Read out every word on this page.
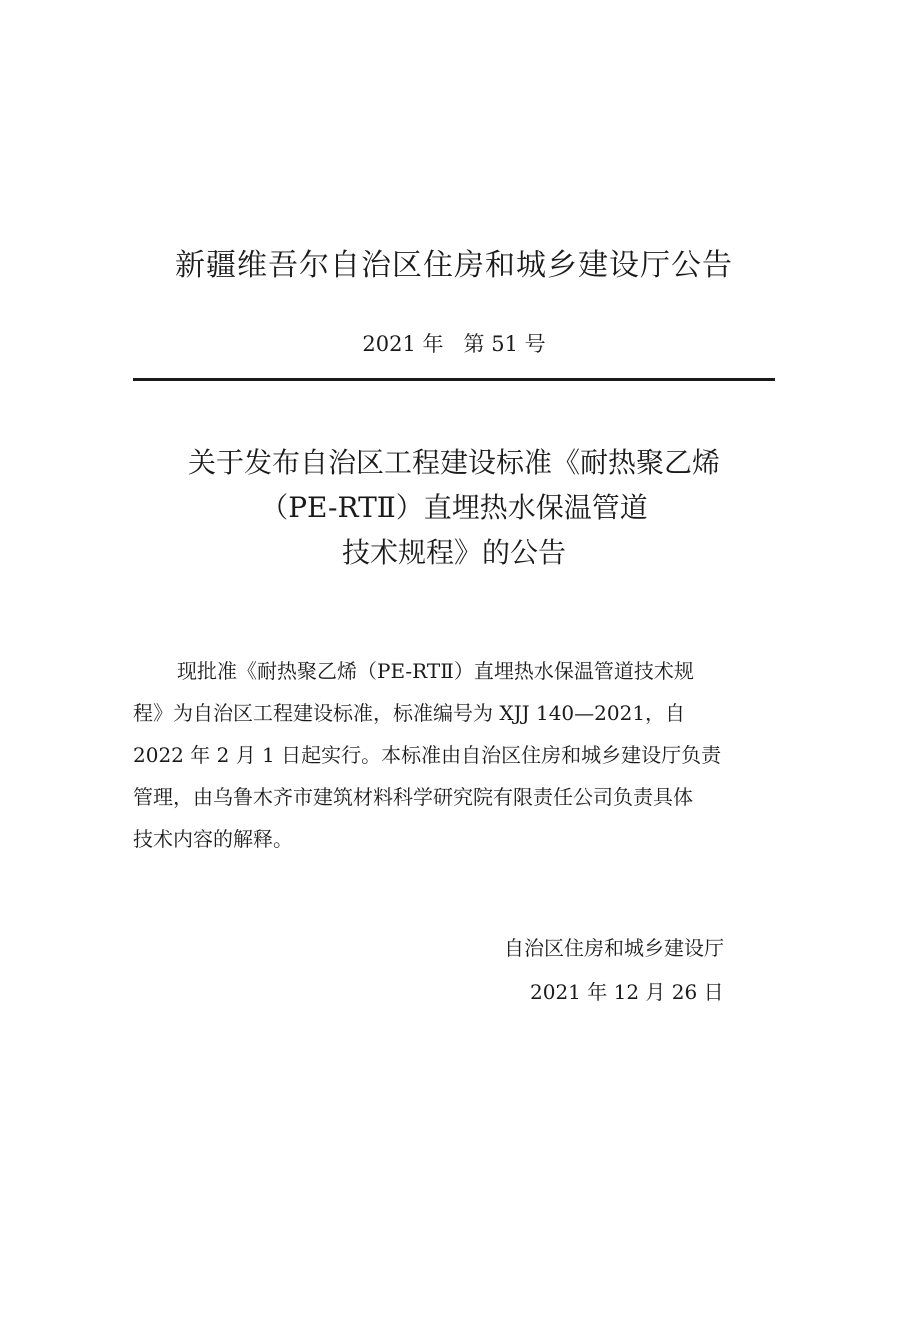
新疆维吾尔自治区住房和城乡建设厅公告
2021 年   第 51 号
关于发布自治区工程建设标准《耐热聚乙烯
（PE-RTⅡ）直埋热水保温管道
技术规程》的公告
现批准《耐热聚乙烯（PE-RTⅡ）直埋热水保温管道技术规
程》为自治区工程建设标准，标准编号为 XJJ 140—2021，自
2022 年 2 月 1 日起实行。本标准由自治区住房和城乡建设厅负责
管理，由乌鲁木齐市建筑材料科学研究院有限责任公司负责具体
技术内容的解释。
自治区住房和城乡建设厅
2021 年 12 月 26 日
